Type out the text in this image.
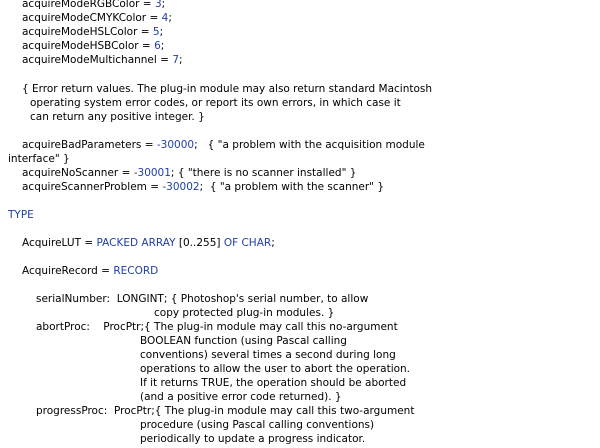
acquireModeRGBColor = 3;
acquireModeCMYKColor = 4;
acquireModeHSLColor = 5;
acquireModeHSBColor = 6;
acquireModeMultichannel = 7;
{ Error return values. The plug-in module may also return standard Macintosh
operating system error codes, or report its own errors, in which case it
can return any positive integer. }
acquireBadParameters = -30000; { "a problem with the acquisition module
interface" }
acquireNoScanner = -30001; { "there is no scanner installed" }
acquireScannerProblem = -30002; { "a problem with the scanner" }
TYPE
AcquireLUT = PACKED ARRAY [0..255] OF CHAR;
AcquireRecord = RECORD
serialNumber: LONGINT; { Photoshop's serial number, to allow
copy protected plug-in modules. }
abortProc: ProcPtr;{ The plug-in module may call this no-argument
BOOLEAN function (using Pascal calling
conventions) several times a second during long
operations to allow the user to abort the operation.
If it returns TRUE, the operation should be aborted
(and a positive error code returned). }
progressProc: ProcPtr;{ The plug-in module may call this two-argument
procedure (using Pascal calling conventions)
periodically to update a progress indicator.
